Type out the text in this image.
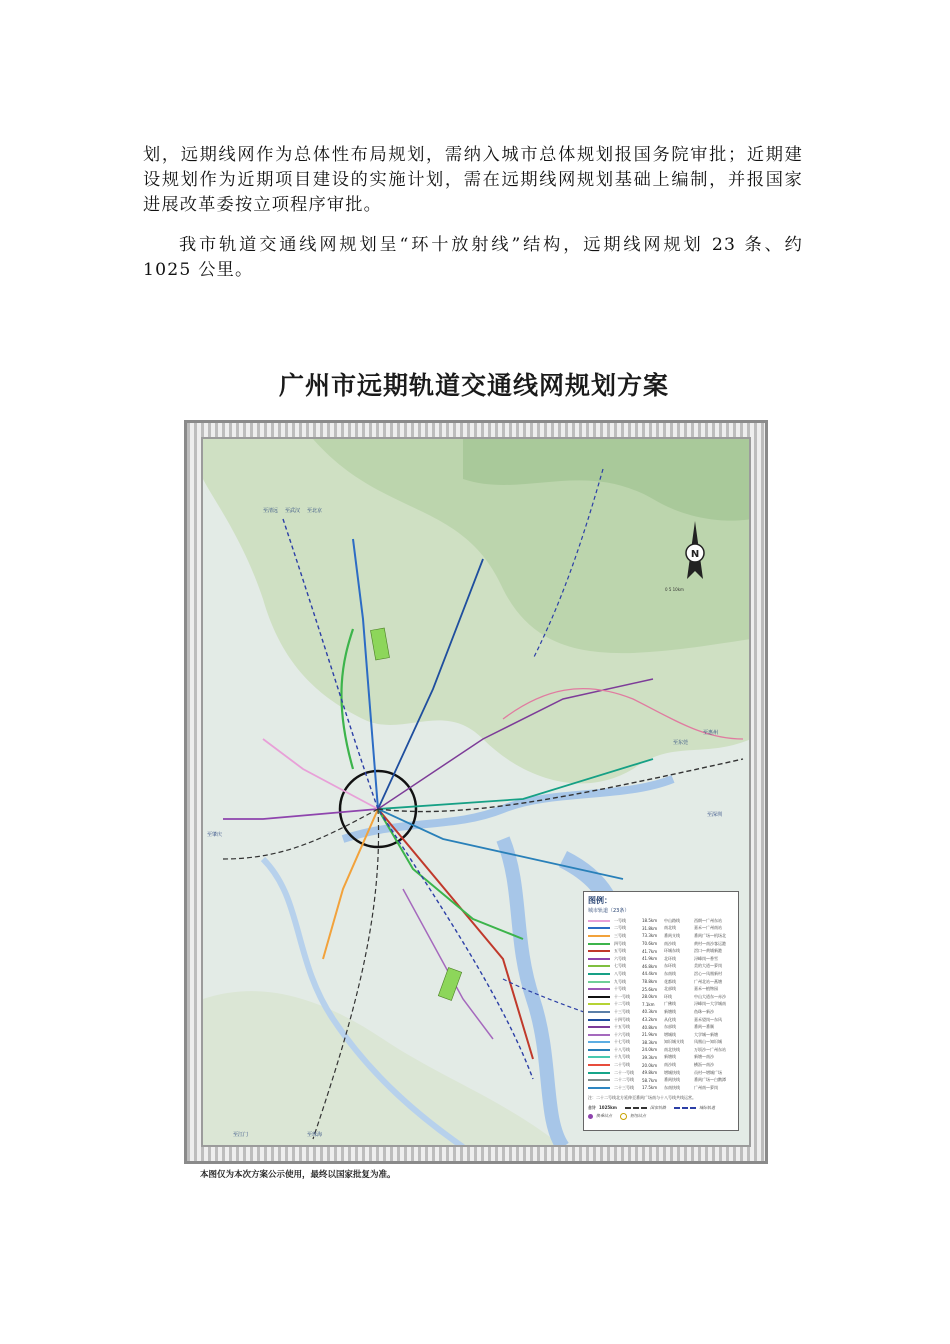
划，远期线网作为总体性布局规划，需纳入城市总体规划报国务院审批；近期建设规划作为近期项目建设的实施计划，需在远期线网规划基础上编制，并报国家进展改革委按立项程序审批。

我市轨道交通线网规划呈“环十放射线”结构，远期线网规划 23 条、约 1025 公里。

广州市远期轨道交通线网规划方案
至清远 至武汉 至北京
至肇庆
至深圳
至东莞
至珠海
至江门
至惠州
N
0 5 10km
图例：
城市轨道（23条）
一号线	18.5km	中山路线	西朗—广州东站
二号线	31.8km	南北线	嘉禾—广州南站
三号线	73.3km	番禺支线	番禺广场—机场北
四号线	70.6km	南沙线	黄村—南沙客运港
五号线	41.7km	环城东线	滘口—黄埔新港
六号线	41.9km	北环线	浔峰岗—香雪
七号线	46.8km	东环线	美的大道—萝岗
八号线	44.4km	东南线	滘心—凤凰新村
九号线	78.8km	花都线	广州北站—燕塘
十号线	25.6km	北部线	嘉禾—植物园
十一号线	28.0km	环线	中山大道东—赤沙
十二号线	7.1km	广佛线	浔峰岗—大学城南
十三号线	40.3km	新塘线	鱼珠—新沙
十四号线	43.2km	从化线	嘉禾望岗—东风
十五号线	40.8km	东部线	番禺—番顺
十六号线	21.9km	增城线	大学城—新塘
十七号线	38.3km	知识城支线	凤凰山—知识城
十八号线	24.0km	南北快线	万顷沙—广州东站
十九号线	39.3km	新塘线	新塘—南沙
二十号线	20.0km	南沙线	横沥—南沙
二十一号线	49.8km	增城快线	员村—增城广场
二十二号线	58.7km	番禺快线	番禺广场—白鹅潭
二十三号线	17.5km	东南快线	广州南—萝岗
注：二十二号线北方延伸至番禺广场南与十八号线共线运营。
合计 1025km	国家铁路	城际轨道
换乘站点	枢纽站点
本图仅为本次方案公示使用，最终以国家批复为准。
